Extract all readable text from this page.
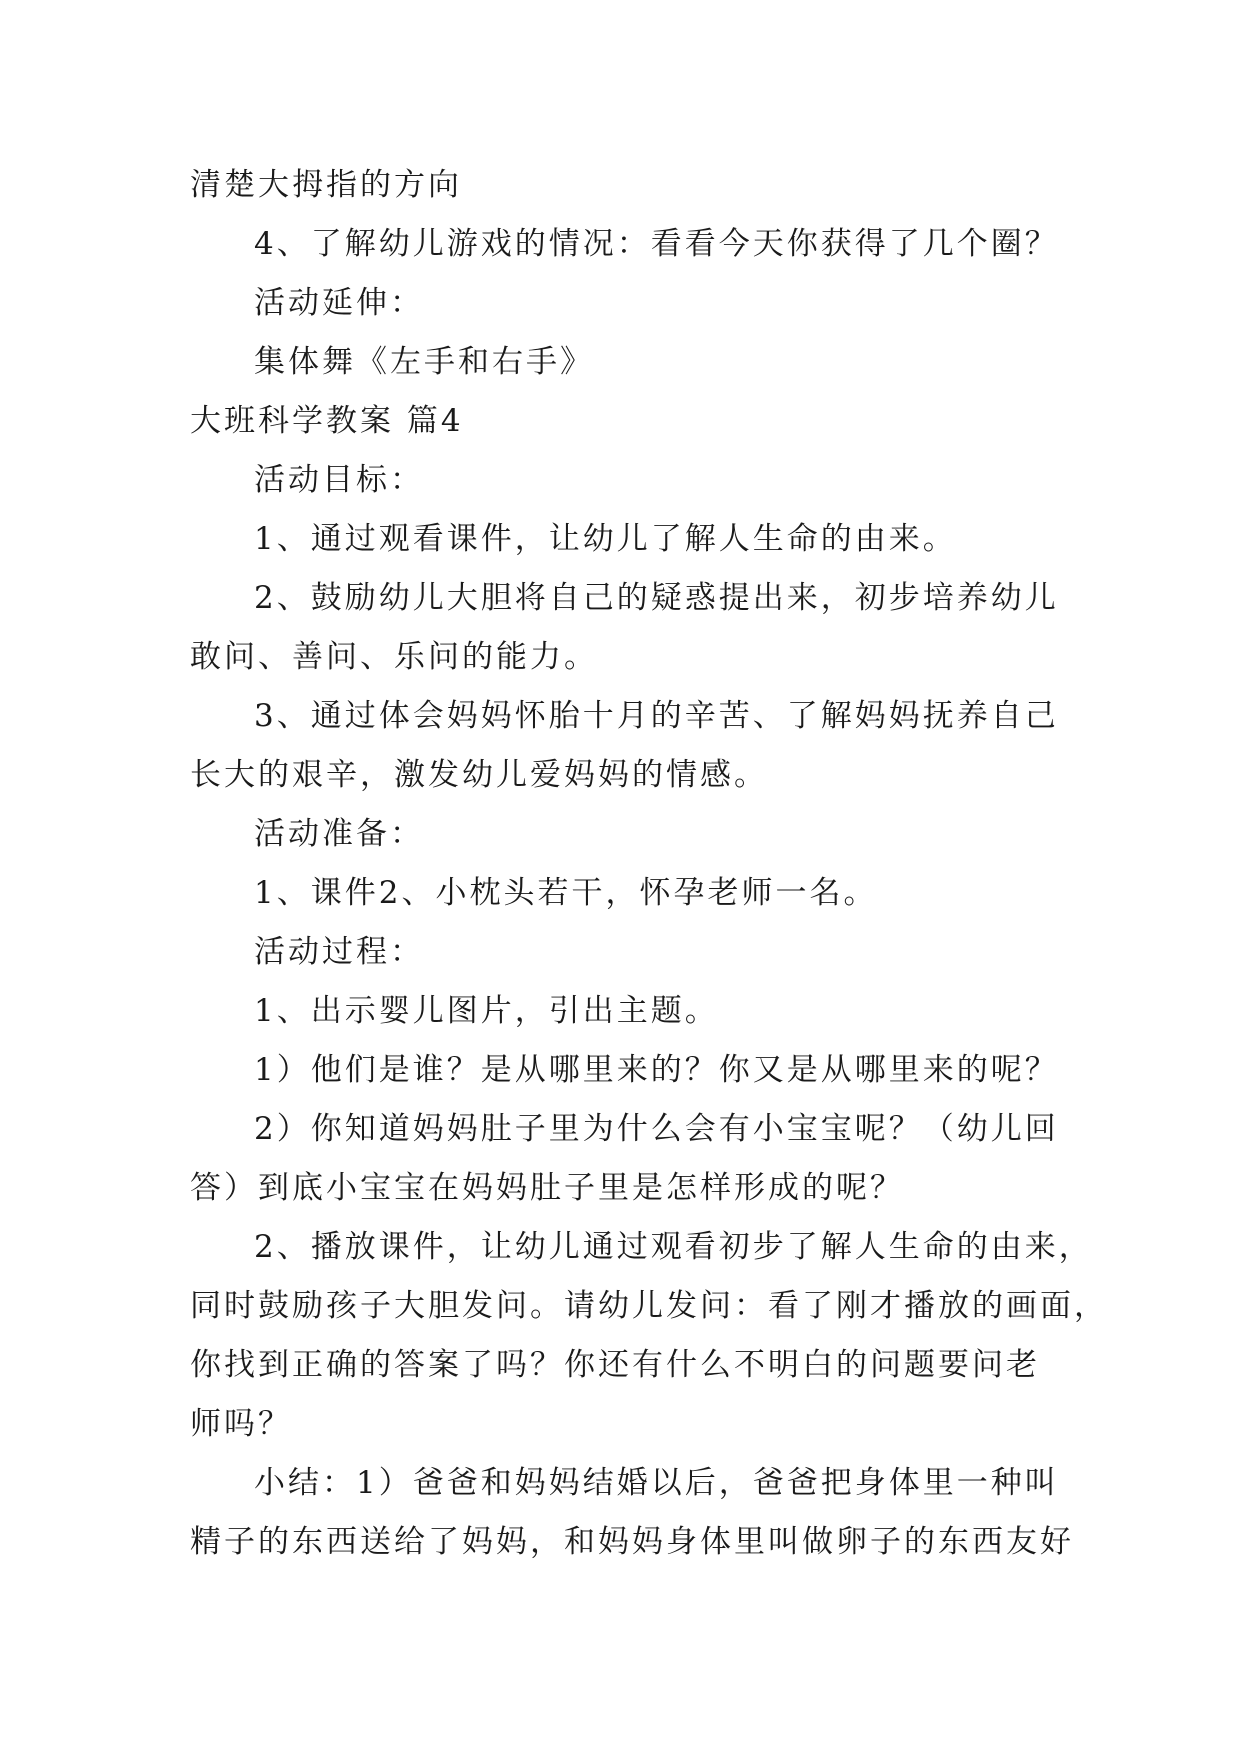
清楚大拇指的方向
4、了解幼儿游戏的情况：看看今天你获得了几个圈？
活动延伸：
集体舞《左手和右手》
大班科学教案 篇4
活动目标：
1、通过观看课件，让幼儿了解人生命的由来。
2、鼓励幼儿大胆将自己的疑惑提出来，初步培养幼儿
敢问、善问、乐问的能力。
3、通过体会妈妈怀胎十月的辛苦、了解妈妈抚养自己
长大的艰辛，激发幼儿爱妈妈的情感。
活动准备：
1、课件2、小枕头若干，怀孕老师一名。
活动过程：
1、出示婴儿图片，引出主题。
1）他们是谁？是从哪里来的？你又是从哪里来的呢？
2）你知道妈妈肚子里为什么会有小宝宝呢？（幼儿回
答）到底小宝宝在妈妈肚子里是怎样形成的呢？
2、播放课件，让幼儿通过观看初步了解人生命的由来，
同时鼓励孩子大胆发问。请幼儿发问：看了刚才播放的画面，
你找到正确的答案了吗？你还有什么不明白的问题要问老
师吗？
小结：1）爸爸和妈妈结婚以后，爸爸把身体里一种叫
精子的东西送给了妈妈，和妈妈身体里叫做卵子的东西友好
